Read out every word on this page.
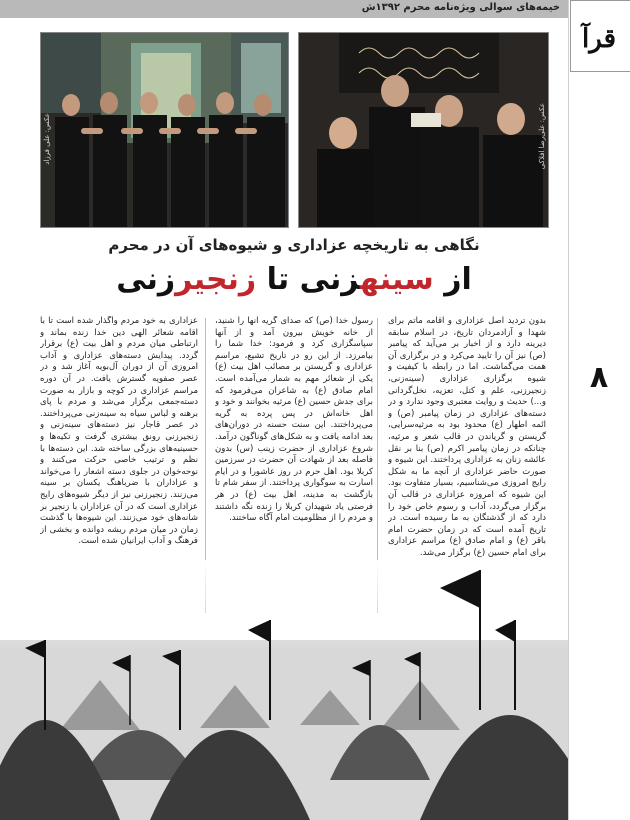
خیمه‌های سوالی ویژه‌نامه محرم ۱۳۹۲ش
قرآ
۸
عکس: علی فرزاد	عکس: علی‌رضا افلاکی
نگاهی به تاریخچه عزاداری و شیوه‌های آن در محرم
از سینهزنی تا زنجیرزنی
بدون تردید اصل عزاداری و اقامه ماتم برای شهدا و آزادمردان تاریخ، در اسلام سابقه دیرینه دارد و از اخبار بر می‌آید که پیامبر (ص) نیز آن را تایید می‌کرد و در برگزاری آن همت می‌گماشت. اما در رابطه با کیفیت و شیوه برگزاری عزاداری (سینه‌زنی، زنجیرزنی، علم و کتل، تعزیه، نخل‌گردانی و...) حدیث و روایت معتبری وجود ندارد و در دسته‌های عزاداری در زمان پیامبر (ص) و ائمه اطهار (ع) محدود بود به مرثیه‌سرایی، گریستن و گریاندن در قالب شعر و مرثیه، چنانکه در زمان پیامبر اکرم (ص) بنا بر نقل عائشه زنان به عزاداری پرداختند. این شیوه و صورت حاضر عزاداری از آنچه ما به شکل رایج امروزی می‌شناسیم، بسیار متفاوت بود. این شیوه که امروزه عزاداری در قالب آن برگزار می‌گردد، آداب و رسوم خاص خود را دارد که از گذشتگان به ما رسیده است. در تاریخ آمده است که در زمان حضرت امام باقر (ع) و امام صادق (ع) مراسم عزاداری برای امام حسین (ع) برگزار می‌شد.
رسول خدا (ص) که صدای گریه آنها را شنید، از خانه خویش بیرون آمد و از آنها سپاسگزاری کرد و فرمود: خدا شما را بیامرزد. از این رو در تاریخ تشیع، مراسم عزاداری و گریستن بر مصائب اهل بیت (ع) یکی از شعائر مهم به شمار می‌آمده است. امام صادق (ع) به شاعران می‌فرمود که برای جدش حسین (ع) مرثیه بخوانند و خود و اهل خانه‌اش در پس پرده به گریه می‌پرداختند. این سنت حسنه در دوران‌های بعد ادامه یافت و به شکل‌های گوناگون درآمد. شروع عزاداری از حضرت زینب (س) بدون فاصله بعد از شهادت آن حضرت در سرزمین کربلا بود. اهل حرم در روز عاشورا و در ایام اسارت به سوگواری پرداختند. از سفر شام تا بازگشت به مدینه، اهل بیت (ع) در هر فرصتی یاد شهیدان کربلا را زنده نگه داشتند و مردم را از مظلومیت امام آگاه ساختند.
عزاداری به خود مردم واگذار شده است تا با اقامه شعائر الهی دین خدا زنده بماند و ارتباطی میان مردم و اهل بیت (ع) برقرار گردد. پیدایش دسته‌های عزاداری و آداب امروزی آن از دوران آل‌بویه آغاز شد و در عصر صفویه گسترش یافت. در آن دوره مراسم عزاداری در کوچه و بازار به صورت دسته‌جمعی برگزار می‌شد و مردم با پای برهنه و لباس سیاه به سینه‌زنی می‌پرداختند. در عصر قاجار نیز دسته‌های سینه‌زنی و زنجیرزنی رونق بیشتری گرفت و تکیه‌ها و حسینیه‌های بزرگی ساخته شد. این دسته‌ها با نظم و ترتیب خاصی حرکت می‌کنند و نوحه‌خوان در جلوی دسته اشعار را می‌خواند و عزاداران با ضرباهنگ یکسان بر سینه می‌زنند. زنجیرزنی نیز از دیگر شیوه‌های رایج عزاداری است که در آن عزاداران با زنجیر بر شانه‌های خود می‌زنند. این شیوه‌ها با گذشت زمان در میان مردم ریشه دوانده و بخشی از فرهنگ و آداب ایرانیان شده است.
